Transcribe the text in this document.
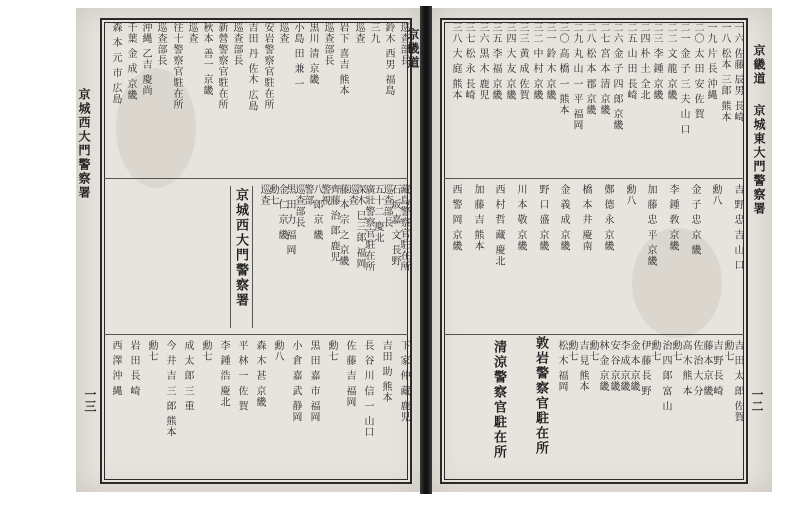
京畿道
京城西大門警察署
一三
巡查部長
鈴木 西男 福島
三九
巡查
岩下 喜吉 熊本
巡查部長
黒川 清 京畿
小島 田 兼 一
巡查
安岩警察官駐在所
吉田 丹 佐木 広島
巡查部長
新營警察官駐在所
秋本 善一 京畿
巡查
往十警察官駐在所
巡查部長
沖縄 乙吉 慶尚
千葉 金 成 京畿
森 本 元 市 広島
京城西大門警察署	藏島警察官駐在所
石 坂 嘉 文 長野
巡查部長
五十二 慶北
廣壯警察官駐在所
深木 巳三郎 福岡
巡查
藤 本 宗 之 京畿
齊藤 治 郎 鹿児
警視
八 郎 京 畿
警部
巡查部長
黒 田 力 福 岡
金 仁 京 畿
勳七
巡查
下 家 仲 藏 鹿児
吉田 助 熊本
長 谷 川 信 一 山口
佐 藤 吉 福岡
勳七
黒 田 嘉 市 福岡
小 倉 嘉 武 静岡
勳八
森 木 甚 京畿
平 林 一 佐 賀
李 鍾 浩 慶北
勳七
成 太 郎 三 重
今 井 吉 三 郎 熊本
勳七
岩 田 長 崎
西 澤 沖 縄
京畿道
京城東大門警察署
一二
一六 佐藤 辰男 長崎
一八 松本 三郎 熊本
一九 片 長 沖縄
二〇 太 田 安 佐 賀
二一 金 子 三 夫 山 口
二二 文 龍 京畿
二三 李 鍾 京畿
二四 朴 土 全北
二五 山 田 長崎
二六 金 子 四 郎 京畿
二七 宮 本 清 京畿
二八 松 本 郡 京畿
二九 丸 山 一 平 福岡
三〇 高 橋 一 熊本
三一 鈴 木 京畿
三二 中 村 京畿
三三 黄 成 佐賀
三四 大 友 京畿
三五 李 福 京畿
三六 黒 木 鹿児
三七 松 永 長崎
三八 大 庭 熊本
吉 野 忠 吉 山 口
勳八
金 子 忠 京 畿
李 鍾 敎 京畿
加 藤 忠 平 京畿
勳八
鄭 德 永 京畿
橋 本 井 慶南
金 義 成 京畿
野 口 盛 京畿
川 本 敬 京畿
西 村 哲 藏 慶北
加 藤 吉 熊本
西 警 岡 京畿
敦岩警察官駐在所
清涼警察官駐在所	吉 田 太 郎 佐賀
勳七
吉 野 長 崎
藤 本 京 畿
佐 治 大 分
高 木 熊 本
勳七
治 四 郎 富 山
勳七
伊 藤 長 野
金 本 京畿
李 成 京畿
安 谷 京畿
林 金 京畿
勳七
吉 見 熊本
勳七
松 木 福岡
